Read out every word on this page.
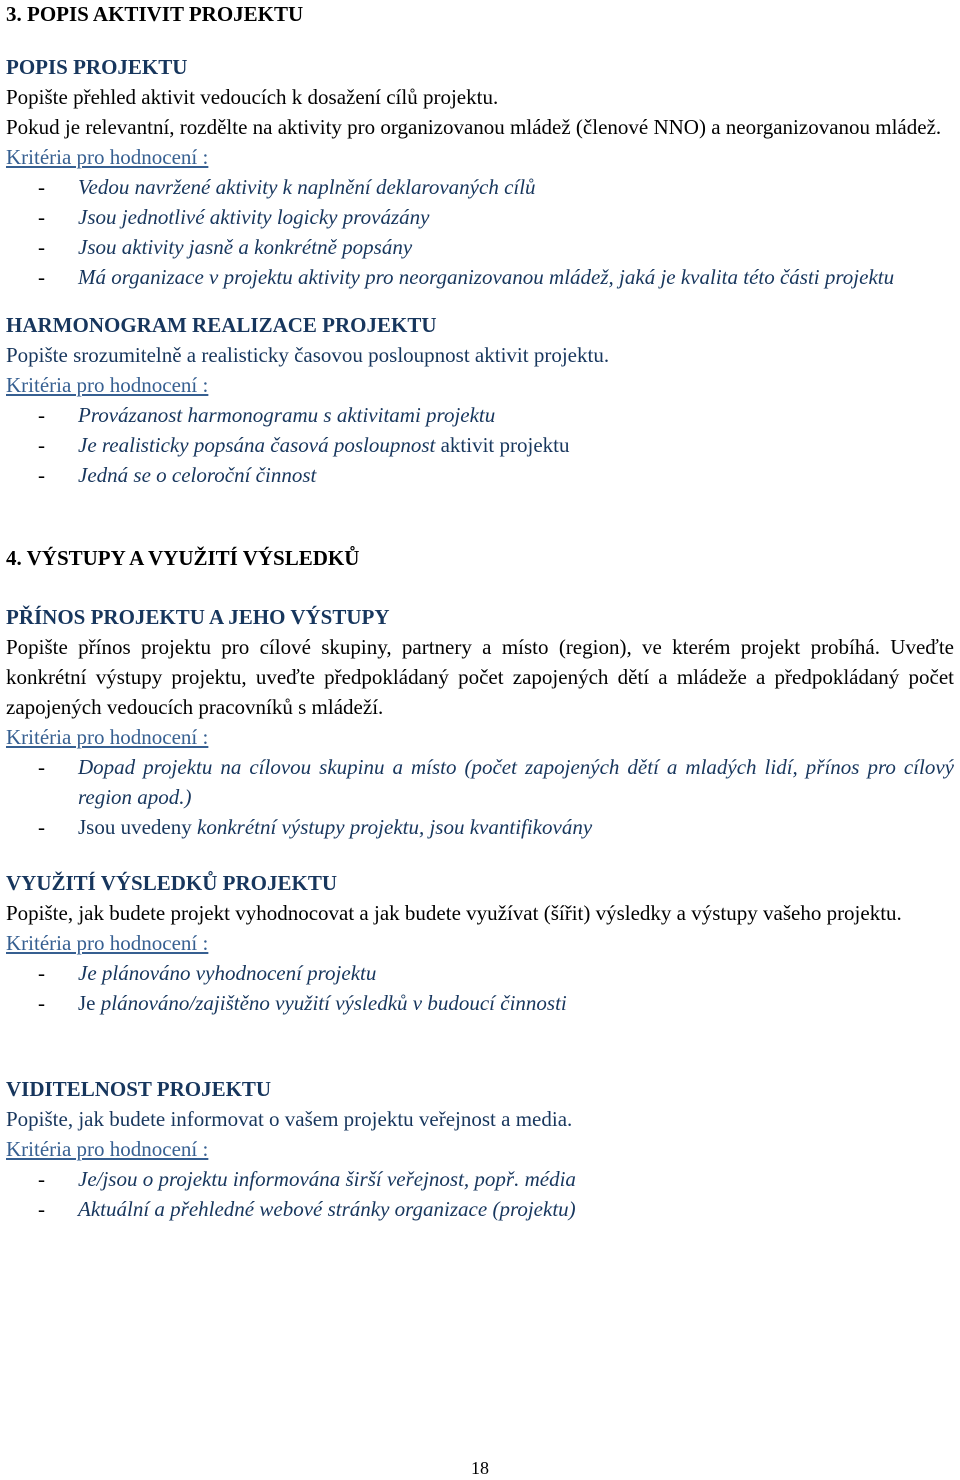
3. POPIS AKTIVIT PROJEKTU

POPIS PROJEKTU

Popište přehled aktivit vedoucích k dosažení cílů projektu.

Pokud je relevantní, rozdělte na aktivity pro organizovanou mládež (členové NNO) a neorganizovanou mládež.

Kritéria pro hodnocení :

- Vedou navržené aktivity k naplnění deklarovaných cílů
- Jsou jednotlivé aktivity logicky provázány
- Jsou aktivity jasně a konkrétně popsány
- Má organizace v projektu aktivity pro neorganizovanou mládež, jaká je kvalita této části projektu

HARMONOGRAM REALIZACE PROJEKTU

Popište srozumitelně a realisticky časovou posloupnost aktivit projektu.

Kritéria pro hodnocení :

- Provázanost harmonogramu s aktivitami projektu
- Je realisticky popsána časová posloupnost aktivit projektu
- Jedná se o celoroční činnost

4. VÝSTUPY A VYUŽITÍ VÝSLEDKŮ

PŘÍNOS PROJEKTU A JEHO VÝSTUPY

Popište přínos projektu pro cílové skupiny, partnery a místo (region), ve kterém projekt probíhá. Uveďte konkrétní výstupy projektu, uveďte předpokládaný počet zapojených dětí a mládeže a předpokládaný počet zapojených vedoucích pracovníků s mládeží.

Kritéria pro hodnocení :

- Dopad projektu na cílovou skupinu a místo (počet zapojených dětí a mladých lidí, přínos pro cílový region apod.)
- Jsou uvedeny konkrétní výstupy projektu, jsou kvantifikovány

VYUŽITÍ VÝSLEDKŮ PROJEKTU

Popište, jak budete projekt vyhodnocovat a jak budete využívat (šířit) výsledky a výstupy vašeho projektu.

Kritéria pro hodnocení :

- Je plánováno vyhodnocení projektu
- Je plánováno/zajištěno využití výsledků v budoucí činnosti

VIDITELNOST PROJEKTU

Popište, jak budete informovat o vašem projektu veřejnost a media.

Kritéria pro hodnocení :

- Je/jsou o projektu informována širší veřejnost, popř. média
- Aktuální a přehledné webové stránky organizace (projektu)
18
